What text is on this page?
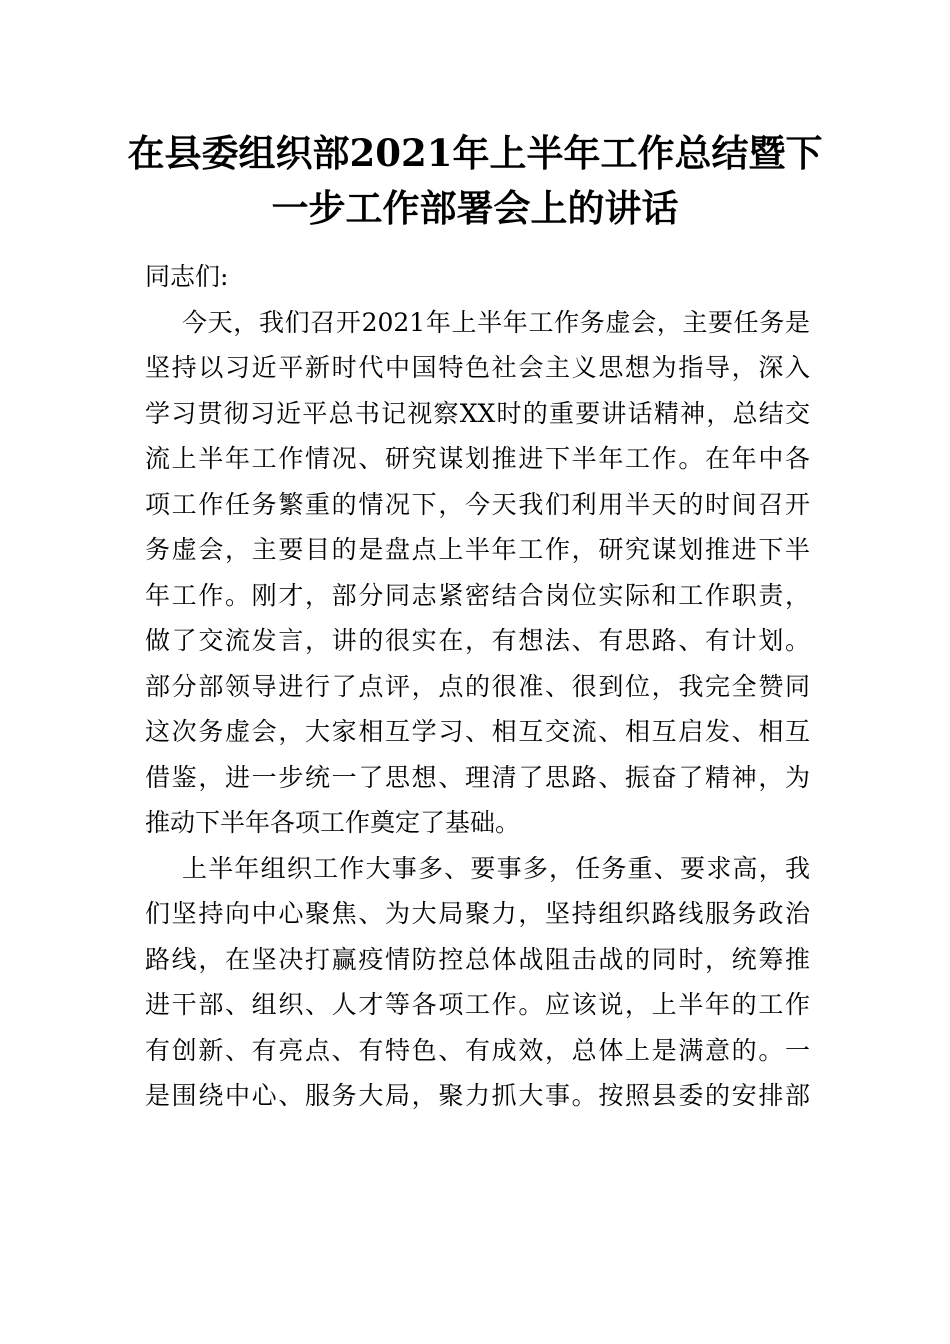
在县委组织部2021年上半年工作总结暨下
一步工作部署会上的讲话
同志们:
今天，我们召开2021年上半年工作务虚会，主要任务是
坚持以习近平新时代中国特色社会主义思想为指导，深入
学习贯彻习近平总书记视察XX时的重要讲话精神，总结交
流上半年工作情况、研究谋划推进下半年工作。在年中各
项工作任务繁重的情况下，今天我们利用半天的时间召开
务虚会，主要目的是盘点上半年工作，研究谋划推进下半
年工作。刚才，部分同志紧密结合岗位实际和工作职责，
做了交流发言，讲的很实在，有想法、有思路、有计划。
部分部领导进行了点评，点的很准、很到位，我完全赞同
这次务虚会，大家相互学习、相互交流、相互启发、相互
借鉴，进一步统一了思想、理清了思路、振奋了精神，为
推动下半年各项工作奠定了基础。
上半年组织工作大事多、要事多，任务重、要求高，我
们坚持向中心聚焦、为大局聚力，坚持组织路线服务政治
路线，在坚决打赢疫情防控总体战阻击战的同时，统筹推
进干部、组织、人才等各项工作。应该说，上半年的工作
有创新、有亮点、有特色、有成效，总体上是满意的。一
是围绕中心、服务大局，聚力抓大事。按照县委的安排部
